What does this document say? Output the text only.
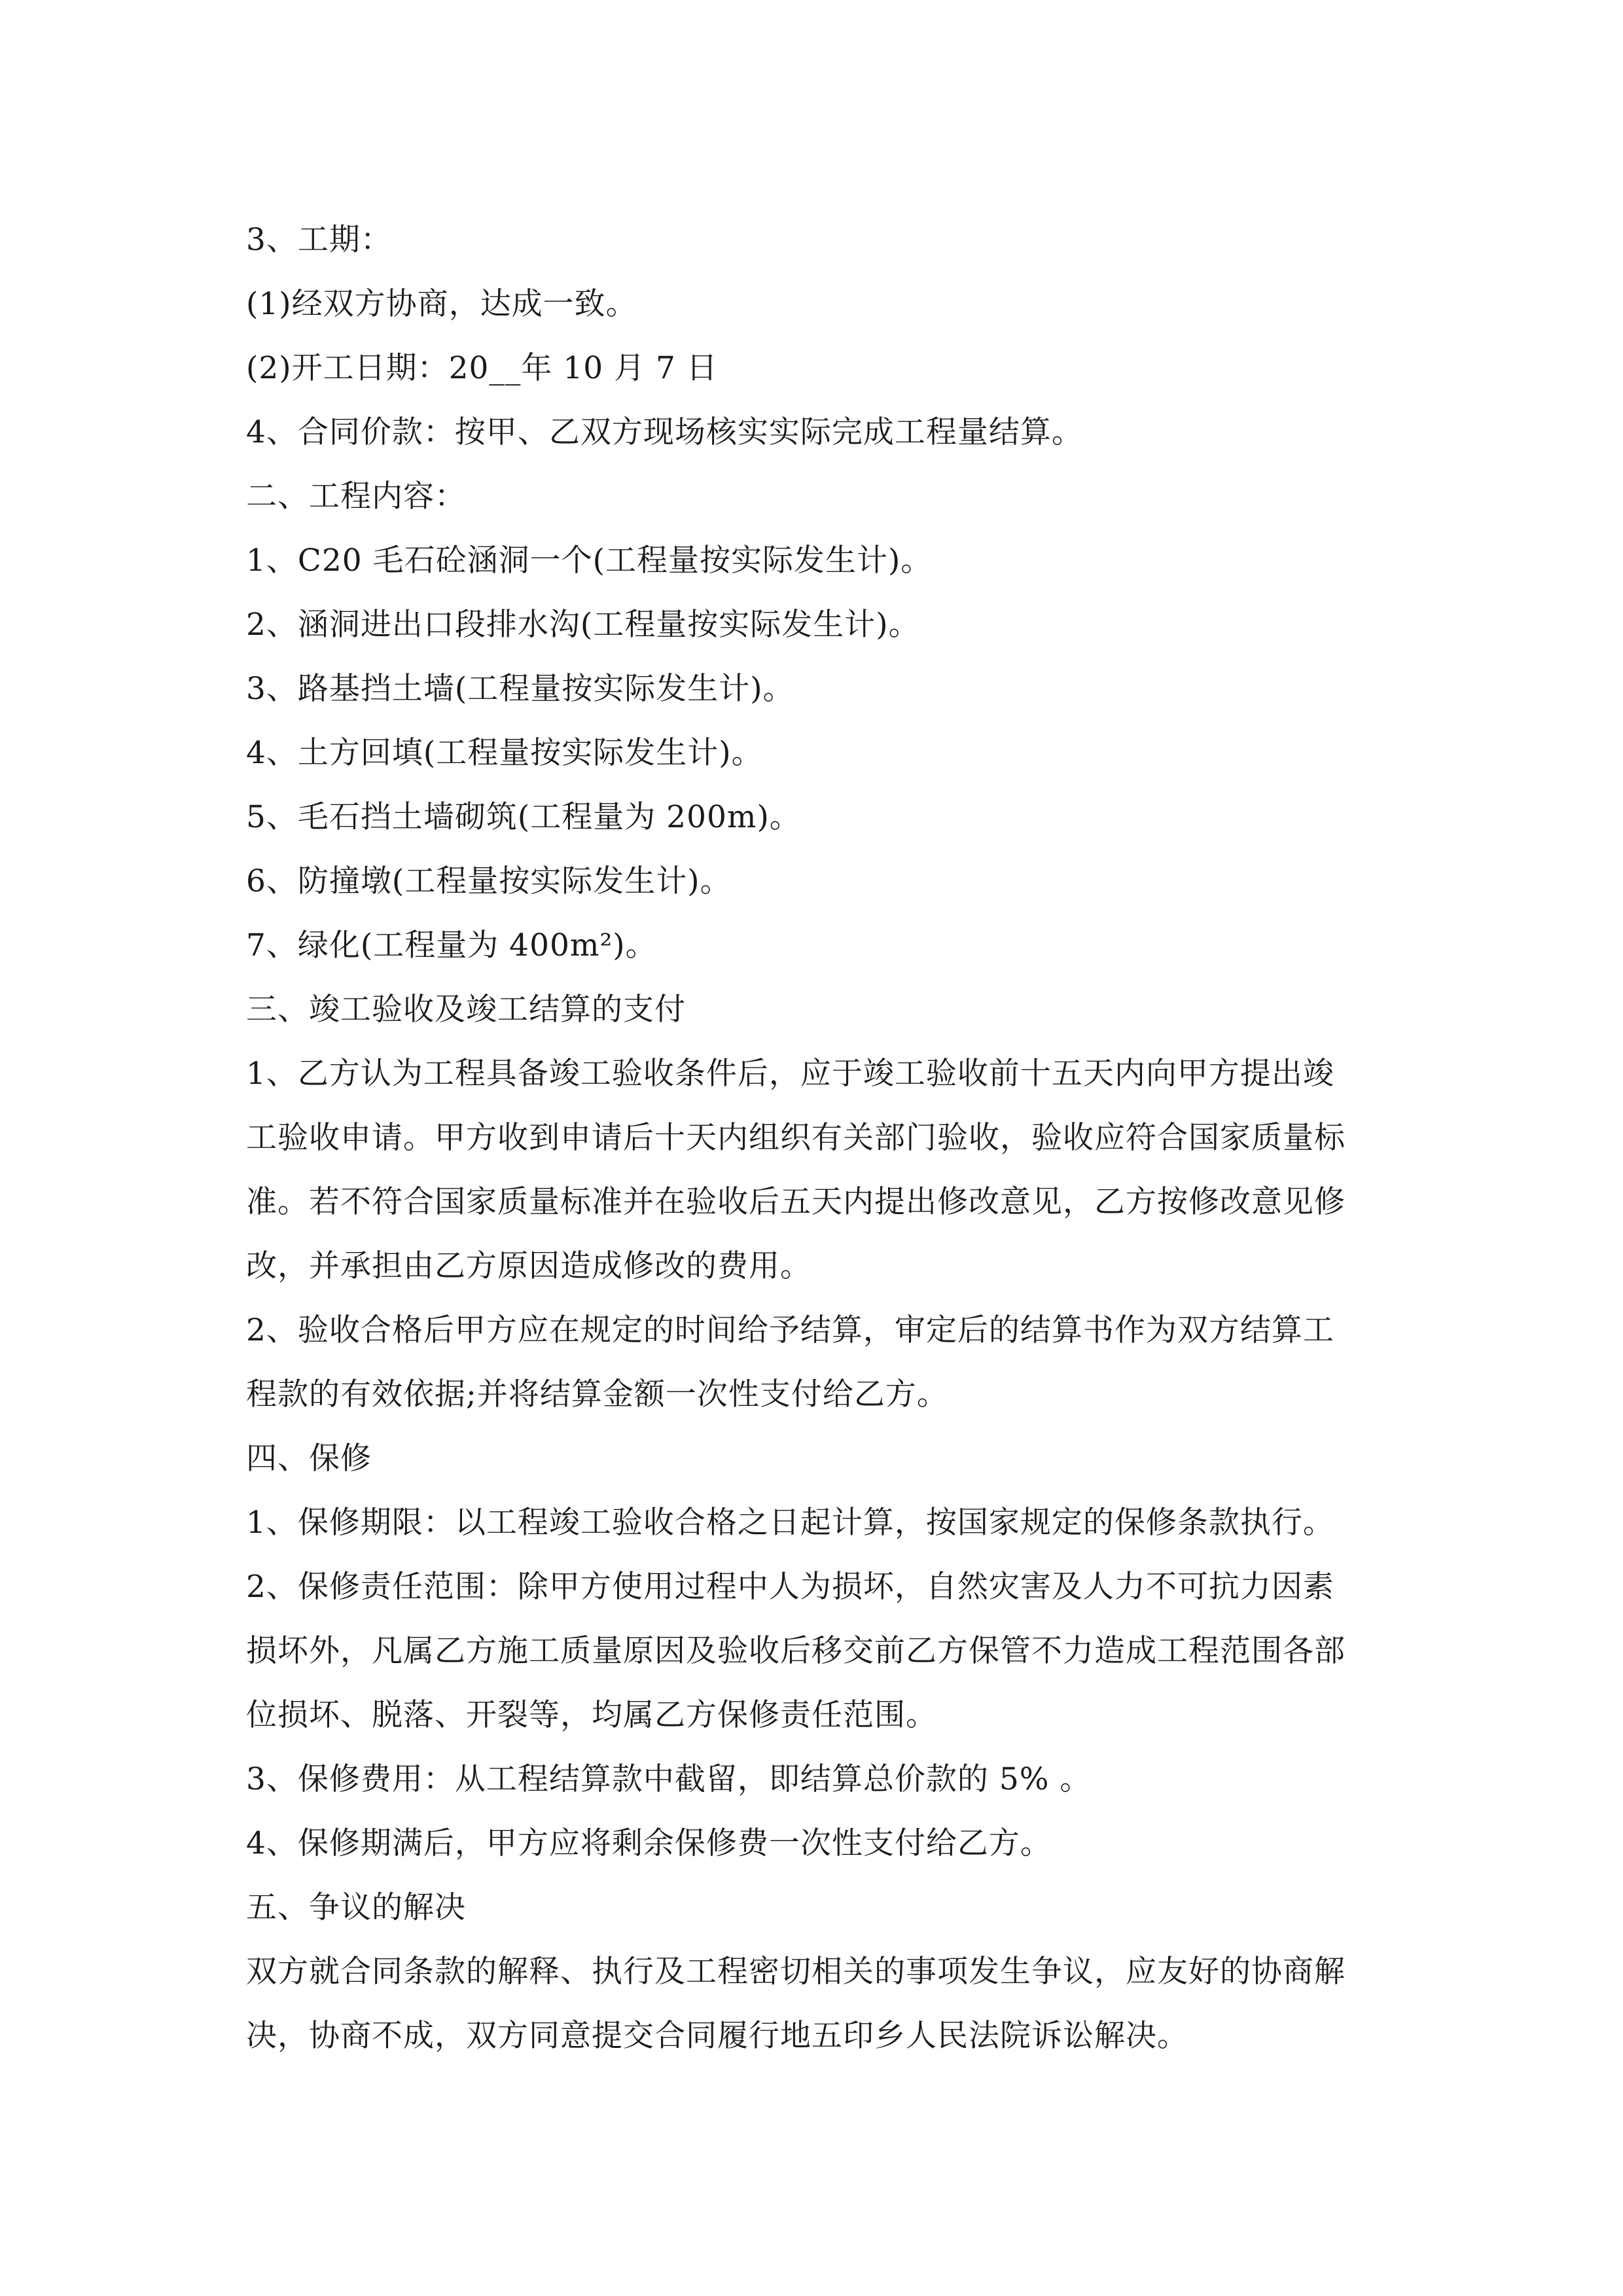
3、工期：

(1)经双方协商，达成一致。

(2)开工日期：20__年 10 月 7 日

4、合同价款：按甲、乙双方现场核实实际完成工程量结算。

二、工程内容：

1、C20 毛石砼涵洞一个(工程量按实际发生计)。

2、涵洞进出口段排水沟(工程量按实际发生计)。

3、路基挡土墙(工程量按实际发生计)。

4、土方回填(工程量按实际发生计)。

5、毛石挡土墙砌筑(工程量为 200m)。

6、防撞墩(工程量按实际发生计)。

7、绿化(工程量为 400m²)。

三、竣工验收及竣工结算的支付

1、乙方认为工程具备竣工验收条件后，应于竣工验收前十五天内向甲方提出竣
工验收申请。甲方收到申请后十天内组织有关部门验收，验收应符合国家质量标
准。若不符合国家质量标准并在验收后五天内提出修改意见，乙方按修改意见修
改，并承担由乙方原因造成修改的费用。

2、验收合格后甲方应在规定的时间给予结算，审定后的结算书作为双方结算工
程款的有效依据;并将结算金额一次性支付给乙方。

四、保修

1、保修期限：以工程竣工验收合格之日起计算，按国家规定的保修条款执行。

2、保修责任范围：除甲方使用过程中人为损坏，自然灾害及人力不可抗力因素
损坏外，凡属乙方施工质量原因及验收后移交前乙方保管不力造成工程范围各部
位损坏、脱落、开裂等，均属乙方保修责任范围。

3、保修费用：从工程结算款中截留，即结算总价款的 5% 。

4、保修期满后，甲方应将剩余保修费一次性支付给乙方。

五、争议的解决

双方就合同条款的解释、执行及工程密切相关的事项发生争议，应友好的协商解
决，协商不成，双方同意提交合同履行地五印乡人民法院诉讼解决。
